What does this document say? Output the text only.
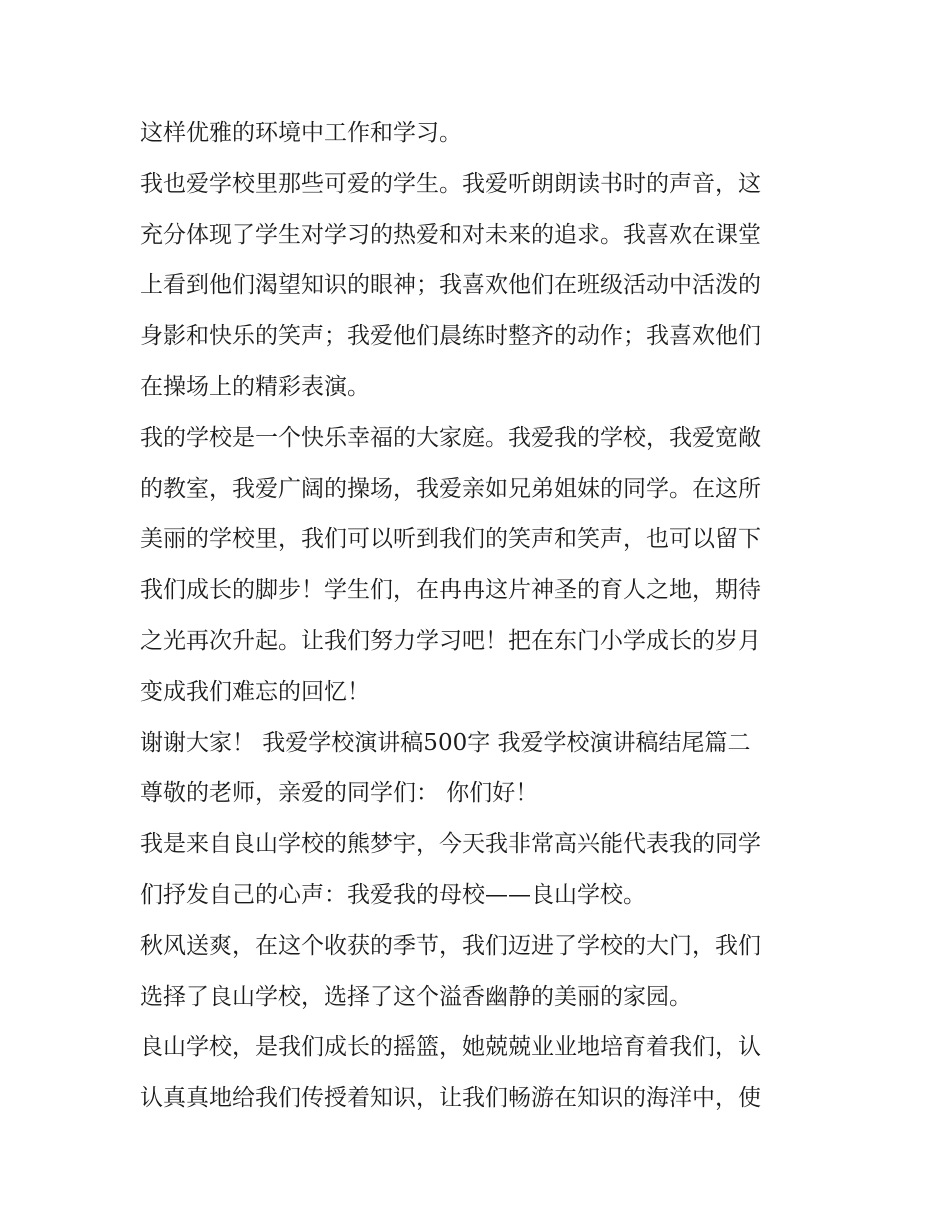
这样优雅的环境中工作和学习。
我也爱学校里那些可爱的学生。我爱听朗朗读书时的声音，这
充分体现了学生对学习的热爱和对未来的追求。我喜欢在课堂
上看到他们渴望知识的眼神；我喜欢他们在班级活动中活泼的
身影和快乐的笑声；我爱他们晨练时整齐的动作；我喜欢他们
在操场上的精彩表演。
我的学校是一个快乐幸福的大家庭。我爱我的学校，我爱宽敞
的教室，我爱广阔的操场，我爱亲如兄弟姐妹的同学。在这所
美丽的学校里，我们可以听到我们的笑声和笑声，也可以留下
我们成长的脚步！学生们，在冉冉这片神圣的育人之地，期待
之光再次升起。让我们努力学习吧！把在东门小学成长的岁月
变成我们难忘的回忆！
谢谢大家！ 我爱学校演讲稿500字 我爱学校演讲稿结尾篇二
尊敬的老师，亲爱的同学们： 你们好！
我是来自良山学校的熊梦宇，今天我非常高兴能代表我的同学
们抒发自己的心声：我爱我的母校——良山学校。
秋风送爽，在这个收获的季节，我们迈进了学校的大门，我们
选择了良山学校，选择了这个溢香幽静的美丽的家园。
良山学校，是我们成长的摇篮，她兢兢业业地培育着我们，认
认真真地给我们传授着知识，让我们畅游在知识的海洋中，使
